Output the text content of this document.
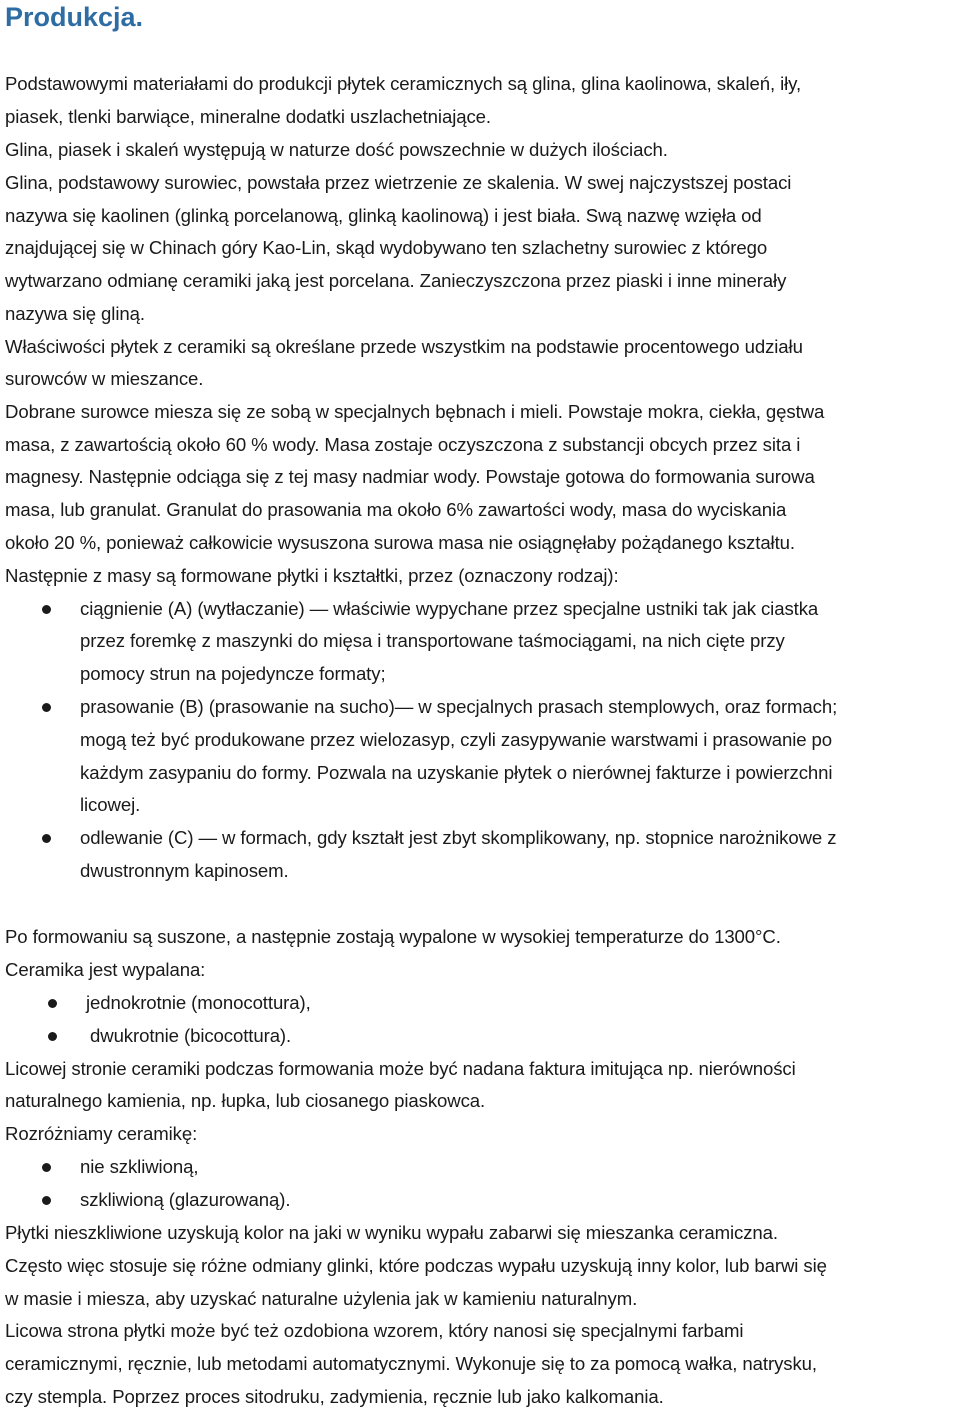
Produkcja.
Podstawowymi materiałami do produkcji płytek ceramicznych są glina, glina kaolinowa, skaleń, iły,
piasek, tlenki barwiące, mineralne dodatki uszlachetniające.
Glina, piasek i skaleń występują w naturze dość powszechnie w dużych ilościach.
Glina, podstawowy surowiec, powstała przez wietrzenie ze skalenia. W swej najczystszej postaci
nazywa się kaolinen (glinką porcelanową, glinką kaolinową) i jest biała. Swą nazwę wzięła od
znajdującej się w Chinach góry Kao-Lin, skąd wydobywano ten szlachetny surowiec z którego
wytwarzano odmianę ceramiki jaką jest porcelana. Zanieczyszczona przez piaski i inne minerały
nazywa się gliną.
Właściwości płytek z ceramiki są określane przede wszystkim na podstawie procentowego udziału
surowców w mieszance.
Dobrane surowce miesza się ze sobą w specjalnych bębnach i mieli. Powstaje mokra, ciekła, gęstwa
masa, z zawartością około 60 % wody. Masa zostaje oczyszczona z substancji obcych przez sita i
magnesy. Następnie odciąga się z tej masy nadmiar wody. Powstaje gotowa do formowania surowa
masa, lub granulat. Granulat do prasowania ma około 6% zawartości wody, masa do wyciskania
około 20 %, ponieważ całkowicie wysuszona surowa masa nie osiągnęłaby pożądanego kształtu.
Następnie z masy są formowane płytki i kształtki, przez (oznaczony rodzaj):
ciągnienie (A) (wytłaczanie) — właściwie wypychane przez specjalne ustniki tak jak ciastka
przez foremkę z maszynki do mięsa i transportowane taśmociągami, na nich cięte przy
pomocy strun na pojedyncze formaty;
prasowanie (B) (prasowanie na sucho)— w specjalnych prasach stemplowych, oraz formach;
mogą też być produkowane przez wielozasyp, czyli zasypywanie warstwami i prasowanie po
każdym zasypaniu do formy. Pozwala na uzyskanie płytek o nierównej fakturze i powierzchni
licowej.
odlewanie (C) — w formach, gdy kształt jest zbyt skomplikowany, np. stopnice narożnikowe z
dwustronnym kapinosem.
Po formowaniu są suszone, a następnie zostają wypalone w wysokiej temperaturze do 1300°C.
Ceramika jest wypalana:
jednokrotnie (monocottura),
dwukrotnie (bicocottura).
Licowej stronie ceramiki podczas formowania może być nadana faktura imitująca np. nierówności
naturalnego kamienia, np. łupka, lub ciosanego piaskowca.
Rozróżniamy ceramikę:
nie szkliwioną,
szkliwioną (glazurowaną).
Płytki nieszkliwione uzyskują kolor na jaki w wyniku wypału zabarwi się mieszanka ceramiczna.
Często więc stosuje się różne odmiany glinki, które podczas wypału uzyskują inny kolor, lub barwi się
w masie i miesza, aby uzyskać naturalne użylenia jak w kamieniu naturalnym.
Licowa strona płytki może być też ozdobiona wzorem, który nanosi się specjalnymi farbami
ceramicznymi, ręcznie, lub metodami automatycznymi. Wykonuje się to za pomocą wałka, natrysku,
czy stempla. Poprzez proces sitodruku, zadymienia, ręcznie lub jako kalkomania.
